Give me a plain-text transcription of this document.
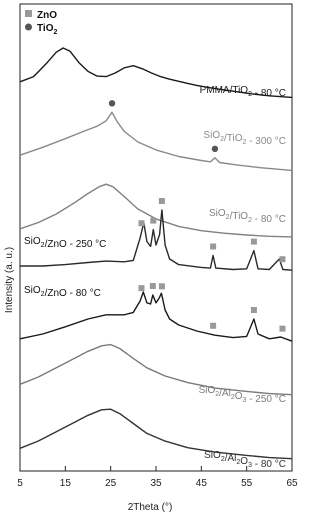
ZnO
TiO$_2$
PMMA/TiO$_2$ - 80 °C
SiO$_2$/TiO$_2$ - 300 °C
SiO$_2$/TiO$_2$ - 80 °C
SiO$_2$/ZnO - 250 °C
SiO$_2$/ZnO - 80 °C
$SiO_2/Al_2O_3 - 250$ °C
$SiO_2/Al_2O_3 - 80$ °C
5	15	25	35	45	55	65
2Theta (°)
Intensity (a. u.)
